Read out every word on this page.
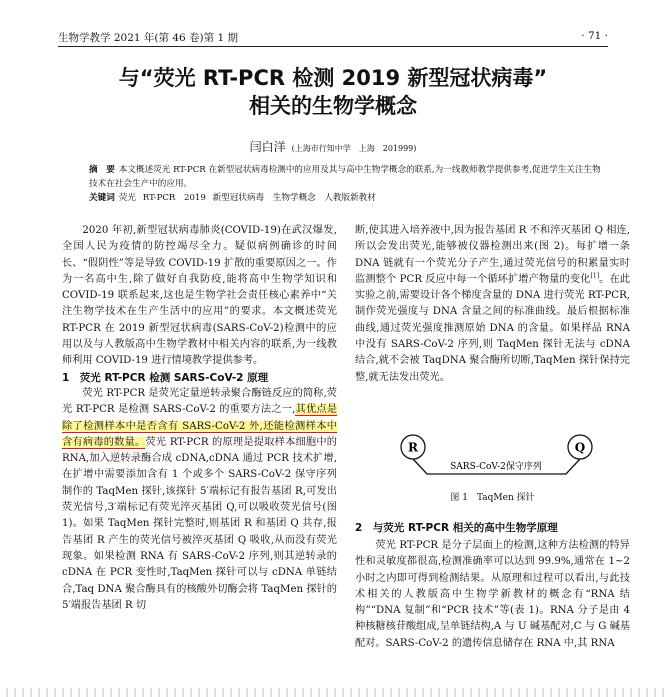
生物学教学 2021 年(第 46 卷)第 1 期	· 71 ·
与“荧光 RT-PCR 检测 2019 新型冠状病毒”
相关的生物学概念
闫白洋 (上海市行知中学　上海　201999)

摘　要 本文概述荧光 RT-PCR 在新型冠状病毒检测中的应用及其与高中生物学概念的联系,为一线教师教学提供参考,促进学生关注生物技术在社会生产中的应用。

关键词 荧光 RT-PCR　2019 新型冠状病毒　生物学概念　人教版新教材

2020 年初,新型冠状病毒肺炎(COVID-19)在武汉爆发,全国人民为疫情的防控竭尽全力。疑似病例确诊的时间长、“假阴性”等是导致 COVID-19 扩散的重要原因之一。作为一名高中生,除了做好自我防疫,能将高中生物学知识和 COVID-19 联系起来,这也是生物学社会责任核心素养中“关注生物学技术在生产生活中的应用”的要求。本文概述荧光 RT-PCR 在 2019 新型冠状病毒(SARS-CoV-2)检测中的应用以及与人教版高中生物学教材中相关内容的联系,为一线教师利用 COVID-19 进行情境教学提供参考。

1　荧光 RT-PCR 检测 SARS-CoV-2 原理

荧光 RT-PCR 是荧光定量逆转录聚合酶链反应的简称,荧光 RT-PCR 是检测 SARS-CoV-2 的重要方法之一,其优点是除了检测样本中是否含有 SARS-CoV-2 外,还能检测样本中含有病毒的数量。荧光 RT-PCR 的原理是提取样本细胞中的 RNA,加入逆转录酶合成 cDNA,cDNA 通过 PCR 技术扩增,在扩增中需要添加含有 1 个或多个 SARS-CoV-2 保守序列制作的 TaqMen 探针,该探针 5′端标记有报告基团 R,可发出荧光信号,3′端标记有荧光淬灭基团 Q,可以吸收荧光信号(图 1)。如果 TaqMen 探针完整时,则基团 R 和基团 Q 共存,报告基团 R 产生的荧光信号被淬灭基团 Q 吸收,从而没有荧光现象。如果检测 RNA 有 SARS-CoV-2 序列,则其逆转录的 cDNA 在 PCR 变性时,TaqMen 探针可以与 cDNA 单链结合,Taq DNA 聚合酶具有的核酸外切酶会将 TaqMen 探针的 5′端报告基团 R 切

断,使其进入培养液中,因为报告基团 R 不和淬灭基团 Q 相连,所以会发出荧光,能够被仪器检测出来(图 2)。每扩增一条 DNA 链就有一个荧光分子产生,通过荧光信号的积累量实时监测整个 PCR 反应中每一个循环扩增产物量的变化[1]。在此实验之前,需要设计各个梯度含量的 DNA 进行荧光 RT-PCR,制作荧光强度与 DNA 含量之间的标准曲线。最后根据标准曲线,通过荧光强度推测原始 DNA 的含量。如果样品 RNA 中没有 SARS-CoV-2 序列,则 TaqMen 探针无法与 cDNA 结合,就不会被 TaqDNA 聚合酶所切断,TaqMen 探针保持完整,就无法发出荧光。

R	Q
SARS-CoV-2保守序列
图 1　TaqMen 探针
2　与荧光 RT-PCR 相关的高中生物学原理

荧光 RT-PCR 是分子层面上的检测,这种方法检测的特异性和灵敏度都很高,检测准确率可以达到 99.9%,通常在 1~2 小时之内即可得到检测结果。从原理和过程可以看出,与此技术相关的人教版高中生物学新教材的概念有“RNA 结构”“DNA 复制”和“PCR 技术”等(表 1)。RNA 分子是由 4 种核糖核苷酸组成,呈单链结构,A 与 U 碱基配对,C 与 G 碱基配对。SARS-CoV-2 的遗传信息储存在 RNA 中,其 RNA
